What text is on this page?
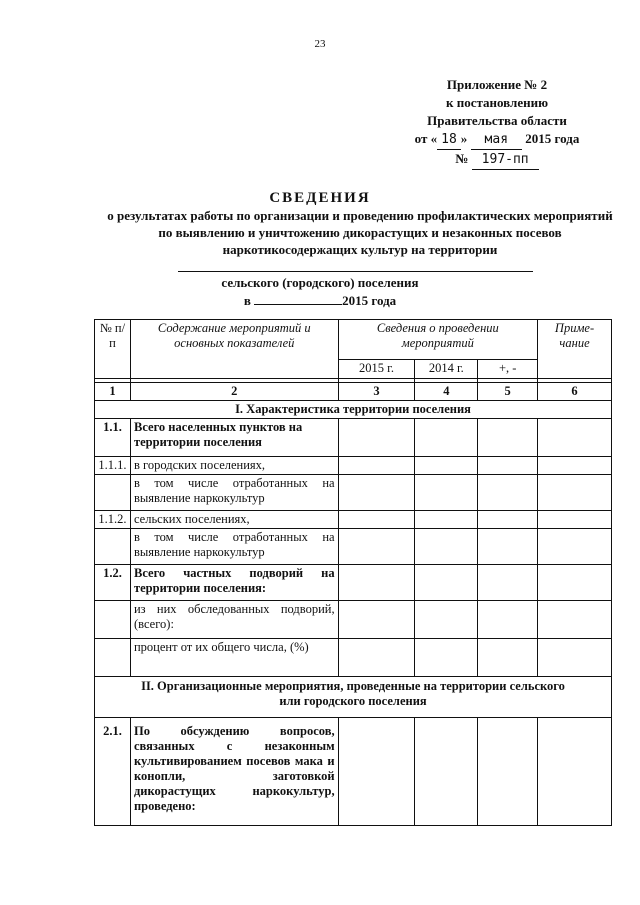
23
Приложение № 2
к постановлению
Правительства области
от « 18 » мая 2015 года
№ 197-пп
СВЕДЕНИЯ
о результатах работы по организации и проведению профилактических мероприятий по выявлению и уничтожению дикорастущих и незаконных посевов наркотикосодержащих культур на территории
сельского (городского) поселения
в	2015 года
№ п/п	Содержание мероприятий и основных показателей	Сведения о проведении мероприятий			Приме-чание
		2015 г.	2014 г.	+, -	

1	2	3	4	5	6
I. Характеристика территории поселения					
1.1.	Всего населенных пунктов на территории поселения				
1.1.1.	в городских поселениях,				
	в том числе отработанных на выявление наркокультур				
1.1.2.	сельских поселениях,				
	в том числе отработанных на выявление наркокультур				
1.2.	Всего частных подворий на территории поселения:				
	из них обследованных подворий, (всего):				
	процент от их общего числа, (%)				
II. Организационные мероприятия, проведенные на территории сельского или городского поселения					
2.1.	По обсуждению вопросов, связанных с незаконным культивированием посевов мака и конопли, заготовкой дикорастущих наркокультур, проведено:				
